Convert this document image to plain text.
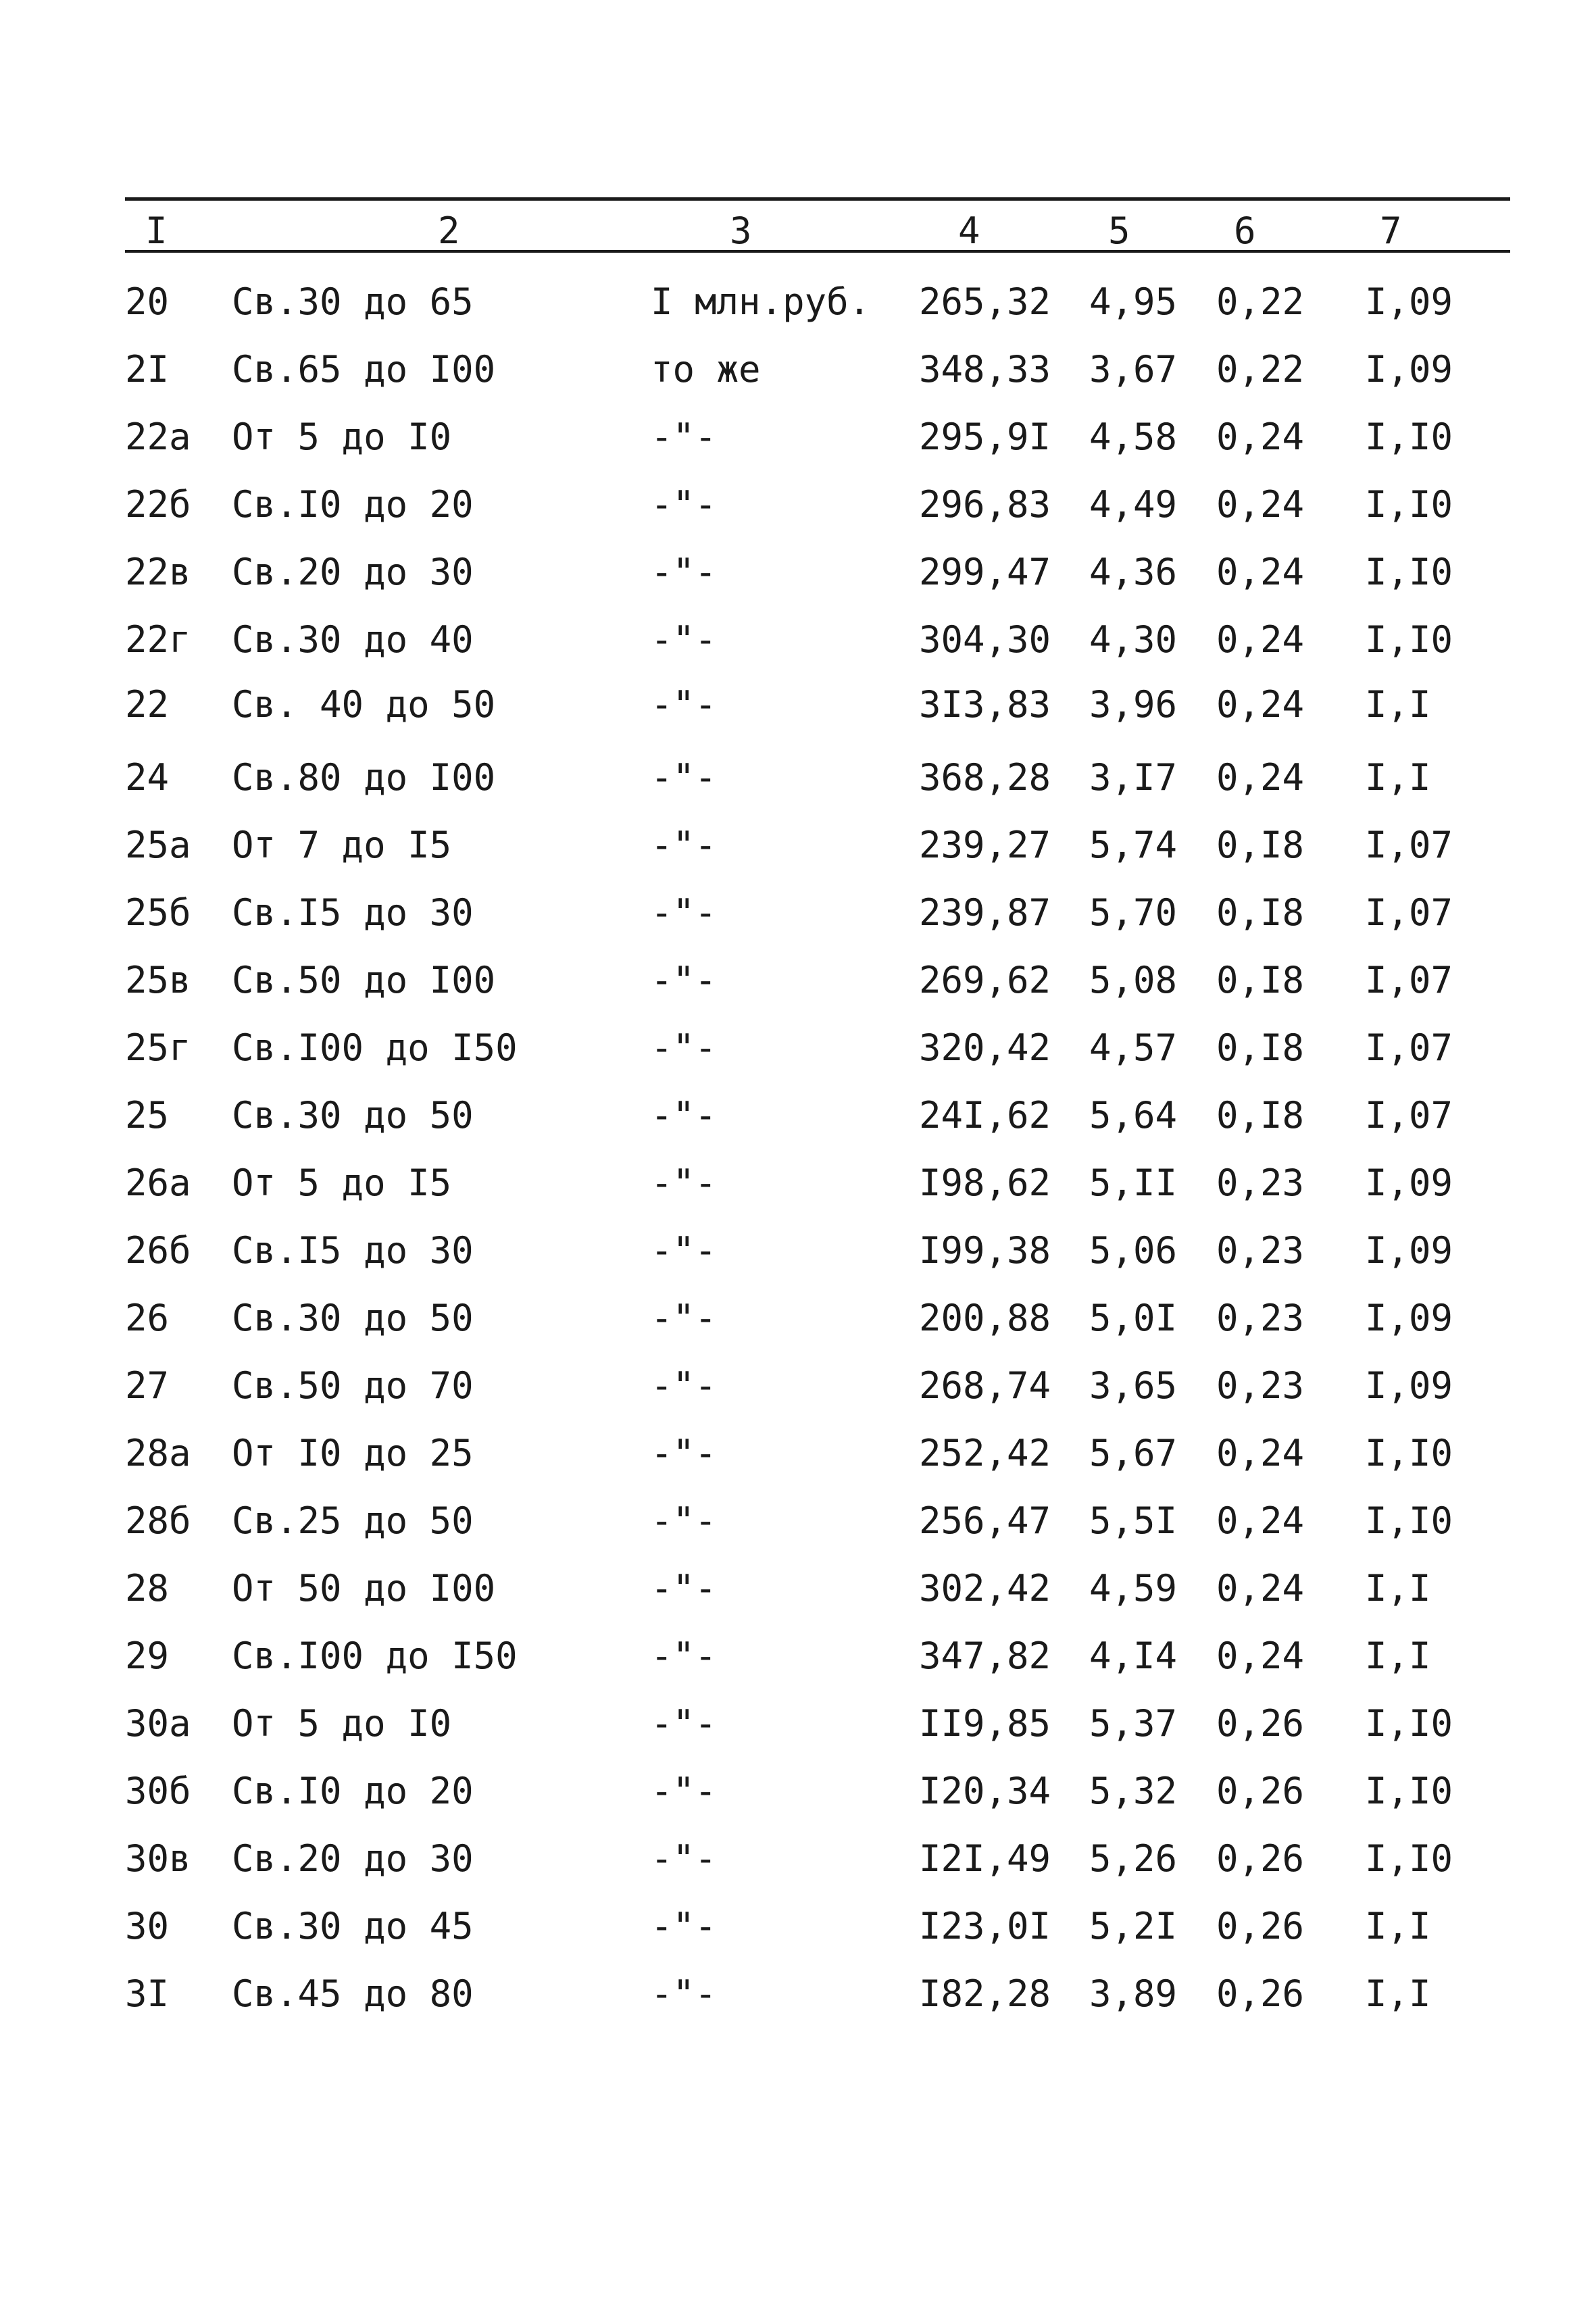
I	2	3	4	5	6	7
20 Св.30 до 65	I млн.руб. 265,32 4,95 0,22 I,09
2I Св.65 до I00	то же	348,33 3,67 0,22 I,09
22а От 5 до I0	-"-	295,9I 4,58 0,24 I,I0
22б Св.I0 до 20	-"-	296,83 4,49 0,24 I,I0
22в Св.20 до 30	-"-	299,47 4,36 0,24 I,I0
22г Св.30 до 40	-"-	304,30 4,30 0,24 I,I0
22 Св. 40 до 50	-"-	3I3,83 3,96 0,24 I,I
24 Св.80 до I00	-"-	368,28 3,I7 0,24 I,I
25а От 7 до I5	-"-	239,27 5,74 0,I8 I,07
25б Св.I5 до 30	-"-	239,87 5,70 0,I8 I,07
25в Св.50 до I00	-"-	269,62 5,08 0,I8 I,07
25г Св.I00 до I50	-"-	320,42 4,57 0,I8 I,07
25 Св.30 до 50	-"-	24I,62 5,64 0,I8 I,07
26а От 5 до I5	-"-	I98,62 5,II 0,23 I,09
26б Св.I5 до 30	-"-	I99,38 5,06 0,23 I,09
26 Св.30 до 50	-"-	200,88 5,0I 0,23 I,09
27 Св.50 до 70	-"-	268,74 3,65 0,23 I,09
28а От I0 до 25	-"-	252,42 5,67 0,24 I,I0
28б Св.25 до 50	-"-	256,47 5,5I 0,24 I,I0
28 От 50 до I00	-"-	302,42 4,59 0,24 I,I
29 Св.I00 до I50	-"-	347,82 4,I4 0,24 I,I
30а От 5 до I0	-"-	II9,85 5,37 0,26 I,I0
30б Св.I0 до 20	-"-	I20,34 5,32 0,26 I,I0
30в Св.20 до 30	-"-	I2I,49 5,26 0,26 I,I0
30 Св.30 до 45	-"-	I23,0I 5,2I 0,26 I,I
3I Св.45 до 80	-"-	I82,28 3,89 0,26 I,I
